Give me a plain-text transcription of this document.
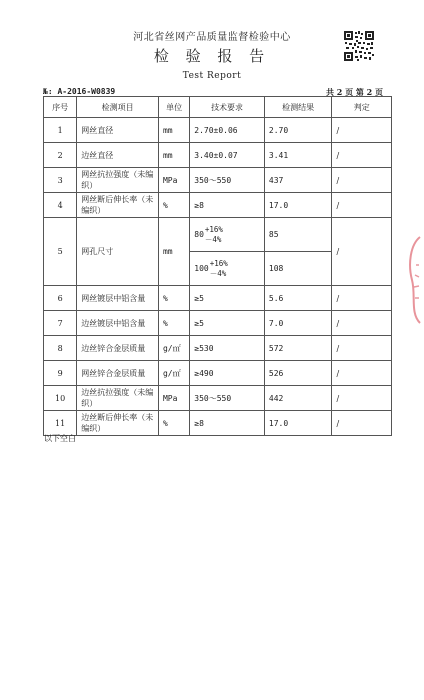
河北省丝网产品质量监督检验中心
检 验 报 告
Test Report
№: A-2016-W0839	共 2 页 第 2 页
序号	检测项目	单位	技术要求	检测结果	判定
1	网丝直径	mm	2.70±0.06	2.70	/
2	边丝直径	mm	3.40±0.07	3.41	/
3	网丝抗拉强度（未编织）	MPa	350～550	437	/
4	网丝断后伸长率（未编织）	%	≥8	17.0	/
5	网孔尺寸	mm	80
+16%
－4%	85	/

			100
+16%
－4%	108	
6	网丝镀层中铝含量	%	≥5	5.6	/
7	边丝镀层中铝含量	%	≥5	7.0	/
8	边丝锌合金层质量	g/㎡	≥530	572	/
9	网丝锌合金层质量	g/㎡	≥490	526	/
10	边丝抗拉强度（未编织）	MPa	350～550	442	/
11	边丝断后伸长率（未编织）	%	≥8	17.0	/
以下空白
